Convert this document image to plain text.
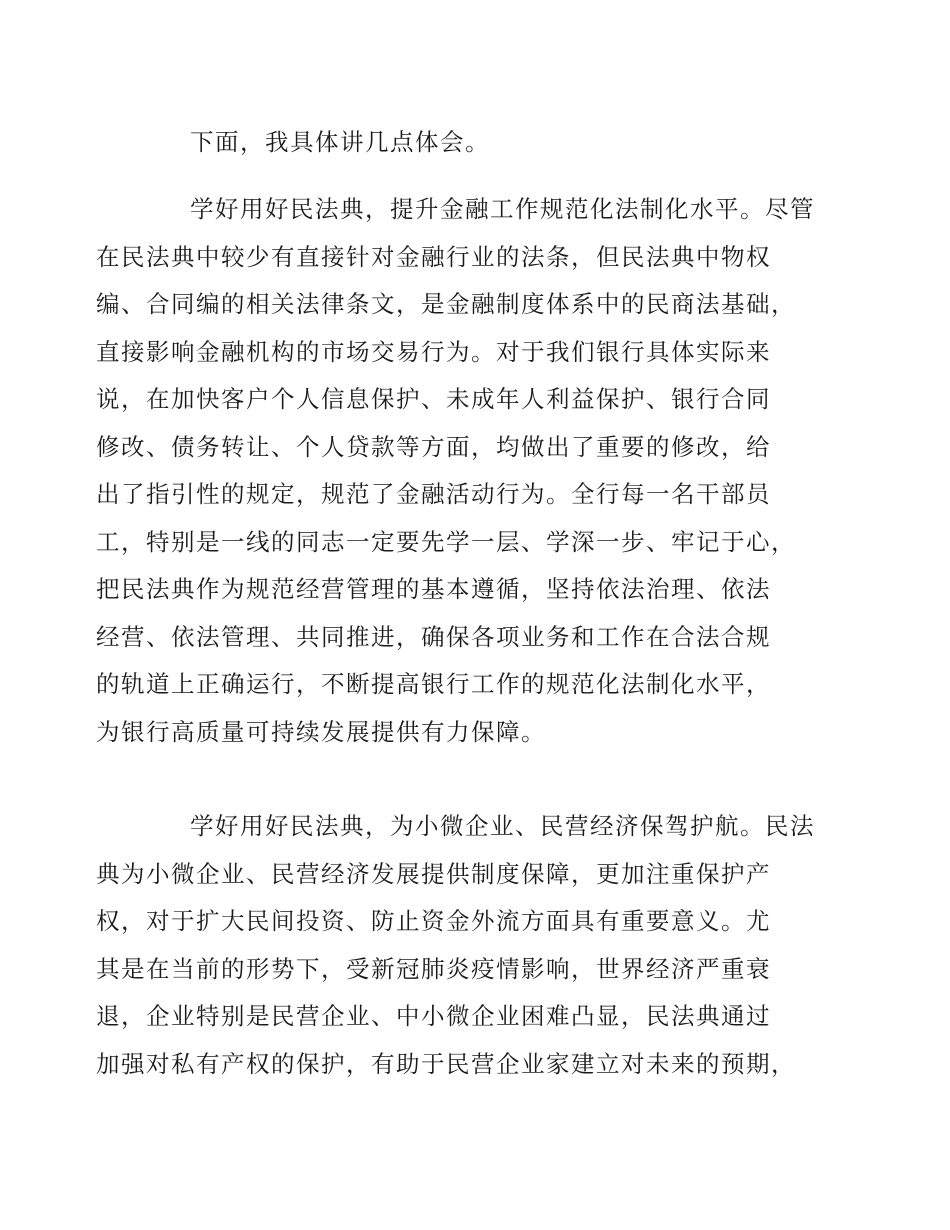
下面，我具体讲几点体会。

学好用好民法典，提升金融工作规范化法制化水平。尽管
在民法典中较少有直接针对金融行业的法条，但民法典中物权
编、合同编的相关法律条文，是金融制度体系中的民商法基础，
直接影响金融机构的市场交易行为。对于我们银行具体实际来
说，在加快客户个人信息保护、未成年人利益保护、银行合同
修改、债务转让、个人贷款等方面，均做出了重要的修改，给
出了指引性的规定，规范了金融活动行为。全行每一名干部员
工，特别是一线的同志一定要先学一层、学深一步、牢记于心，
把民法典作为规范经营管理的基本遵循，坚持依法治理、依法
经营、依法管理、共同推进，确保各项业务和工作在合法合规
的轨道上正确运行，不断提高银行工作的规范化法制化水平，
为银行高质量可持续发展提供有力保障。

学好用好民法典，为小微企业、民营经济保驾护航。民法
典为小微企业、民营经济发展提供制度保障，更加注重保护产
权，对于扩大民间投资、防止资金外流方面具有重要意义。尤
其是在当前的形势下，受新冠肺炎疫情影响，世界经济严重衰
退，企业特别是民营企业、中小微企业困难凸显，民法典通过
加强对私有产权的保护，有助于民营企业家建立对未来的预期，
